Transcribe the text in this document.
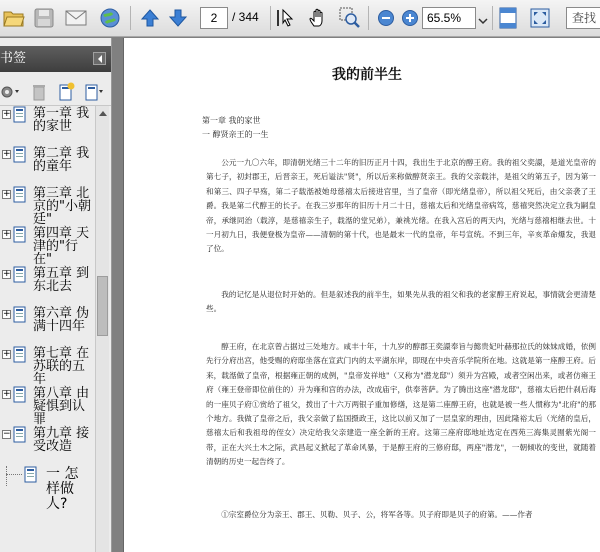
2	/ 344	65.5%	查找
书签
+ 第一章 我的家世
+ 第二章 我的童年
+ 第三章 北京的"小朝廷"
+ 第四章 天津的"行在"
+ 第五章 到东北去
+ 第六章 伪满十四年
+ 第七章 在苏联的五年
+ 第八章 由疑惧到认罪
− 第九章 接受改造
一 怎样做人?
我的前半生
第一章 我的家世
一 醇贤亲王的一生
公元一九〇六年，即清朝光绪三十二年的旧历正月十四，我出生于北京的醇王府。我的祖父奕譞，是道光皇帝的第七子，初封郡王，后晋亲王，死后谥法"贤"，所以后来称做醇贤亲王。我的父亲载沣，是祖父的第五子，因为第一和第三、四子早殇，第二子载湉被她母慈禧太后接进宫里，当了皇帝（即光绪皇帝），所以祖父死后，由父亲袭了王爵。我是第二代醇王的长子。在我三岁那年的旧历十月二十日，慈禧太后和光绪皇帝病笃，慈禧突然决定立我为嗣皇帝，承继同治（载淳，是慈禧亲生子，载湉的堂兄弟），兼祧光绪。在我入宫后的两天内，光绪与慈禧相继去世。十一月初九日，我便登极为皇帝——清朝的第十代，也是最末一代的皇帝，年号宣统。不到三年，辛亥革命爆发，我退了位。
我的记忆是从退位时开始的。但是叙述我的前半生，如果先从我的祖父和我的老家醇王府说起，事情就会更清楚些。
醇王府，在北京曾占据过三处地方。咸丰十年，十九岁的醇郡王奕譞奉旨与懿贵妃叶赫那拉氏的妹妹成婚，依例先行分府出宫，他受赐的府邸坐落在宣武门内的太平湖东岸，即现在中央音乐学院所在地。这就是第一座醇王府。后来，载湉做了皇帝，根据雍正朝的成例，"皇帝发祥地"（又称为"潜龙邸"）须升为宫殿，或者空闲出来，或者仿雍王府（雍王登帝即位前住的）升为雍和宫的办法，改成庙宇，供奉菩萨。为了腾出这座"潜龙邸"，慈禧太后把什刹后海的一座贝子府①赏给了祖父，拨出了十六万两银子重加修缮，这是第二座醇王府，也就是被一些人惯称为"北府"的那个地方。我做了皇帝之后，我父亲做了监国摄政王，这比以前又加了一层皇家的理由，因此隆裕太后（光绪的皇后，慈禧太后和我祖母的侄女）决定给我父亲建造一座全新的王府。这第三座府邸地址选定在西苑三海集灵囿紫光阁一带，正在大兴土木之际，武昌起义掀起了革命风暴，于是醇王府的三修府邸，两座"潜龙"，一朝倾收的变世，就随着清朝的历史一起告终了。
①宗室爵位分为亲王、郡王、贝勒、贝子、公，将军各等。贝子府即是贝子的府第。——作者
